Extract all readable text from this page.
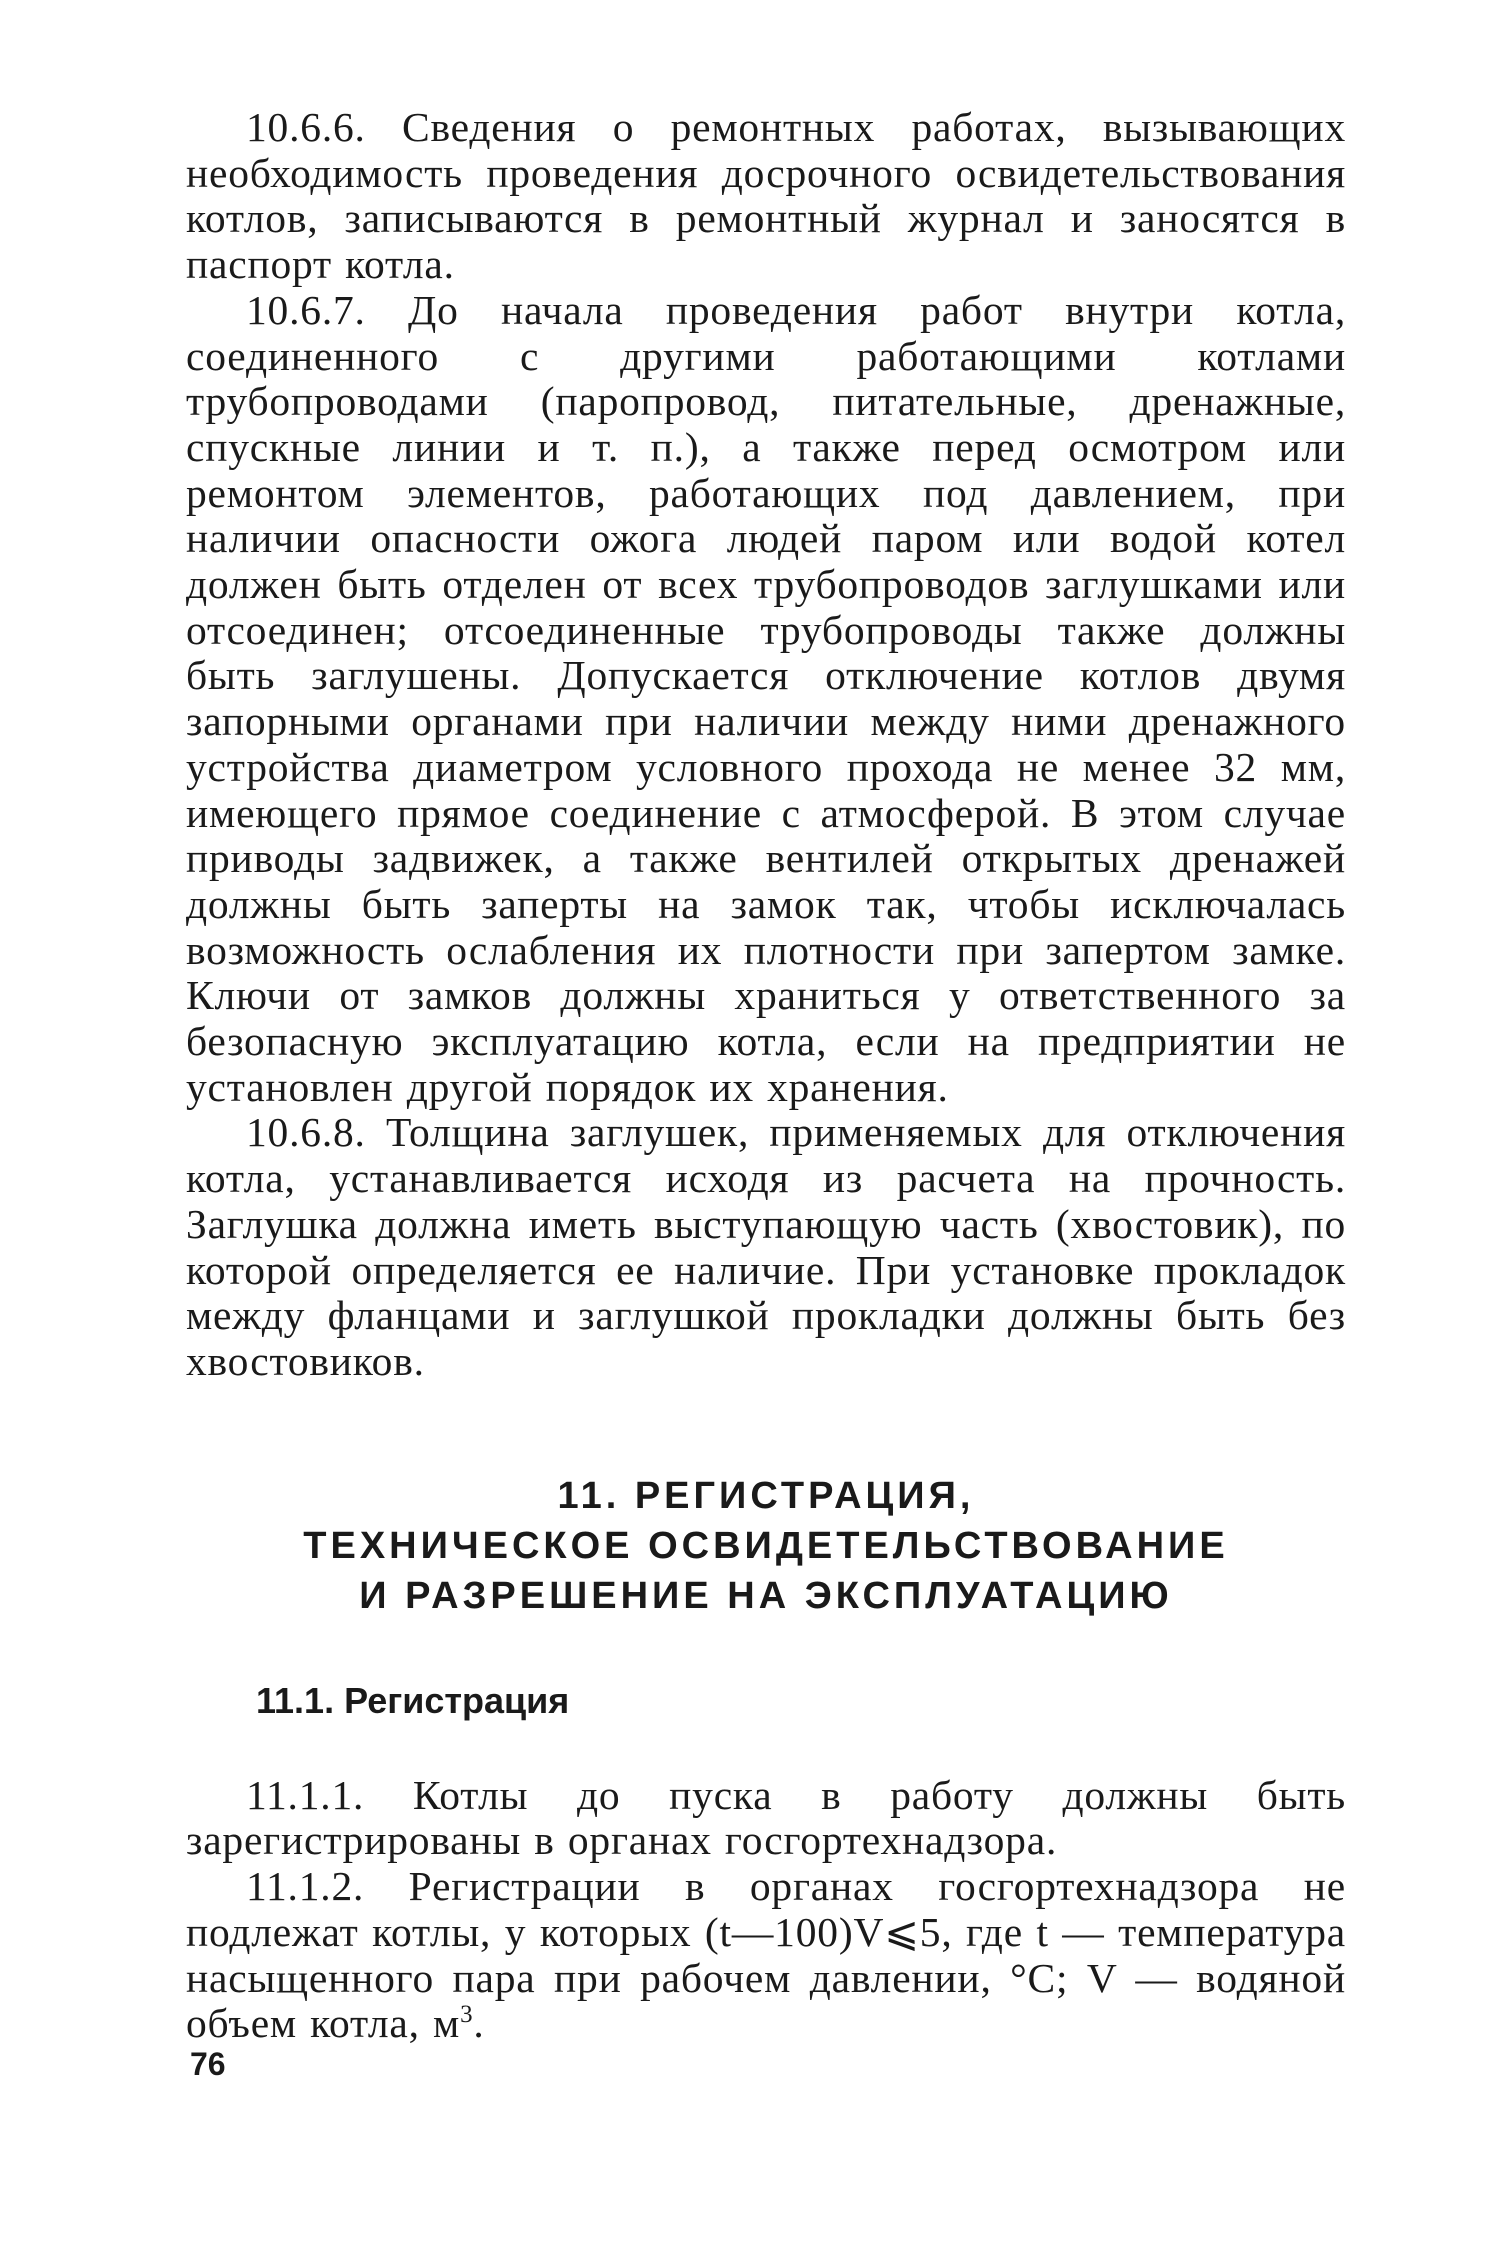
10.6.6. Сведения о ремонтных работах, вызывающих необходимость проведения досрочного освидетельствования котлов, записываются в ремонтный журнал и заносятся в паспорт котла.

10.6.7. До начала проведения работ внутри котла, соединенного с другими работающими котлами трубопроводами (паропровод, питательные, дренажные, спускные линии и т. п.), а также перед осмотром или ремонтом элементов, работающих под давлением, при наличии опасности ожога людей паром или водой котел должен быть отделен от всех трубопроводов заглушками или отсоединен; отсоединенные трубопроводы также должны быть заглушены. Допускается отключение котлов двумя запорными органами при наличии между ними дренажного устройства диаметром условного прохода не менее 32 мм, имеющего прямое соединение с атмосферой. В этом случае приводы задвижек, а также вентилей открытых дренажей должны быть заперты на замок так, чтобы исключалась возможность ослабления их плотности при запертом замке. Ключи от замков должны храниться у ответственного за безопасную эксплуатацию котла, если на предприятии не установлен другой порядок их хранения.

10.6.8. Толщина заглушек, применяемых для отключения котла, устанавливается исходя из расчета на прочность. Заглушка должна иметь выступающую часть (хвостовик), по которой определяется ее наличие. При установке прокладок между фланцами и заглушкой прокладки должны быть без хвостовиков.

11. РЕГИСТРАЦИЯ,
ТЕХНИЧЕСКОЕ ОСВИДЕТЕЛЬСТВОВАНИЕ
И РАЗРЕШЕНИЕ НА ЭКСПЛУАТАЦИЮ
11.1. Регистрация

11.1.1. Котлы до пуска в работу должны быть зарегистрированы в органах госгортехнадзора.

11.1.2. Регистрации в органах госгортехнадзора не подлежат котлы, у которых (t—100)V⩽5, где t — температура насыщенного пара при рабочем давлении, °С; V — водяной объем котла, $м^3$.

76
